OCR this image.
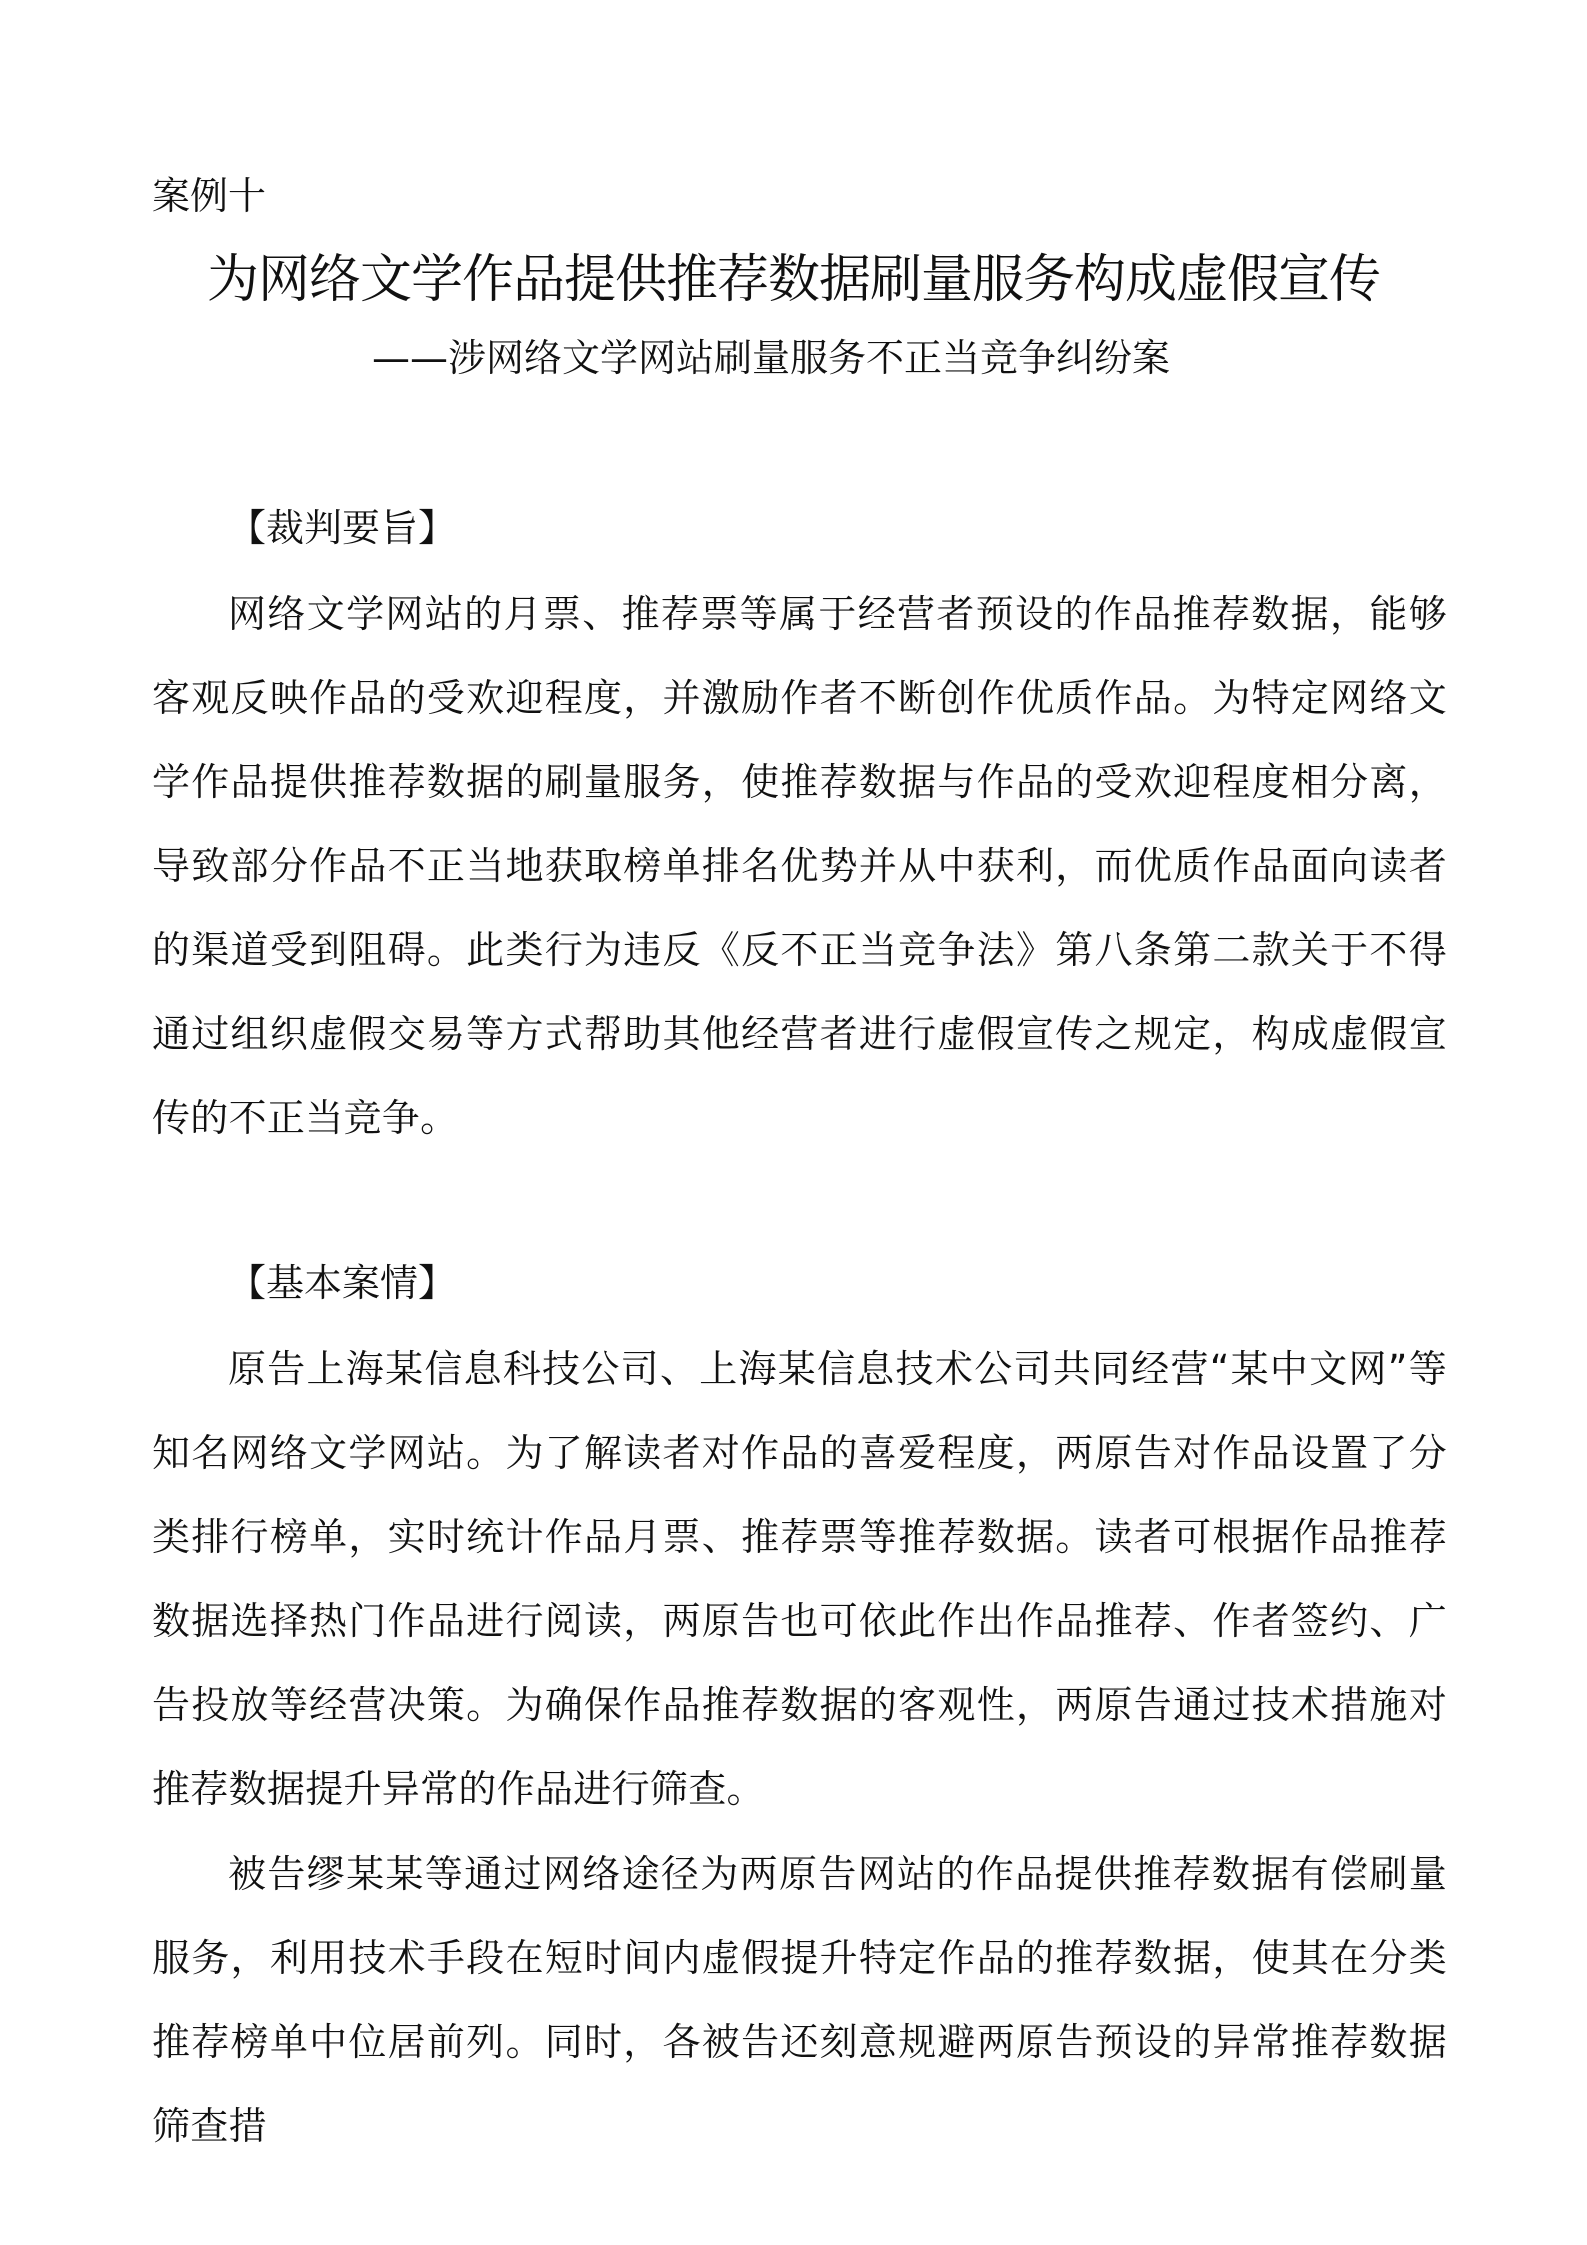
案例十
为网络文学作品提供推荐数据刷量服务构成虚假宣传
——涉网络文学网站刷量服务不正当竞争纠纷案
【裁判要旨】

网络文学网站的月票、推荐票等属于经营者预设的作品推荐数据，能够客观反映作品的受欢迎程度，并激励作者不断创作优质作品。为特定网络文学作品提供推荐数据的刷量服务，使推荐数据与作品的受欢迎程度相分离，导致部分作品不正当地获取榜单排名优势并从中获利，而优质作品面向读者的渠道受到阻碍。此类行为违反《反不正当竞争法》第八条第二款关于不得通过组织虚假交易等方式帮助其他经营者进行虚假宣传之规定，构成虚假宣传的不正当竞争。

【基本案情】

原告上海某信息科技公司、上海某信息技术公司共同经营“某中文网”等知名网络文学网站。为了解读者对作品的喜爱程度，两原告对作品设置了分类排行榜单，实时统计作品月票、推荐票等推荐数据。读者可根据作品推荐数据选择热门作品进行阅读，两原告也可依此作出作品推荐、作者签约、广告投放等经营决策。为确保作品推荐数据的客观性，两原告通过技术措施对推荐数据提升异常的作品进行筛查。

被告缪某某等通过网络途径为两原告网站的作品提供推荐数据有偿刷量服务，利用技术手段在短时间内虚假提升特定作品的推荐数据，使其在分类推荐榜单中位居前列。同时，各被告还刻意规避两原告预设的异常推荐数据筛查措
